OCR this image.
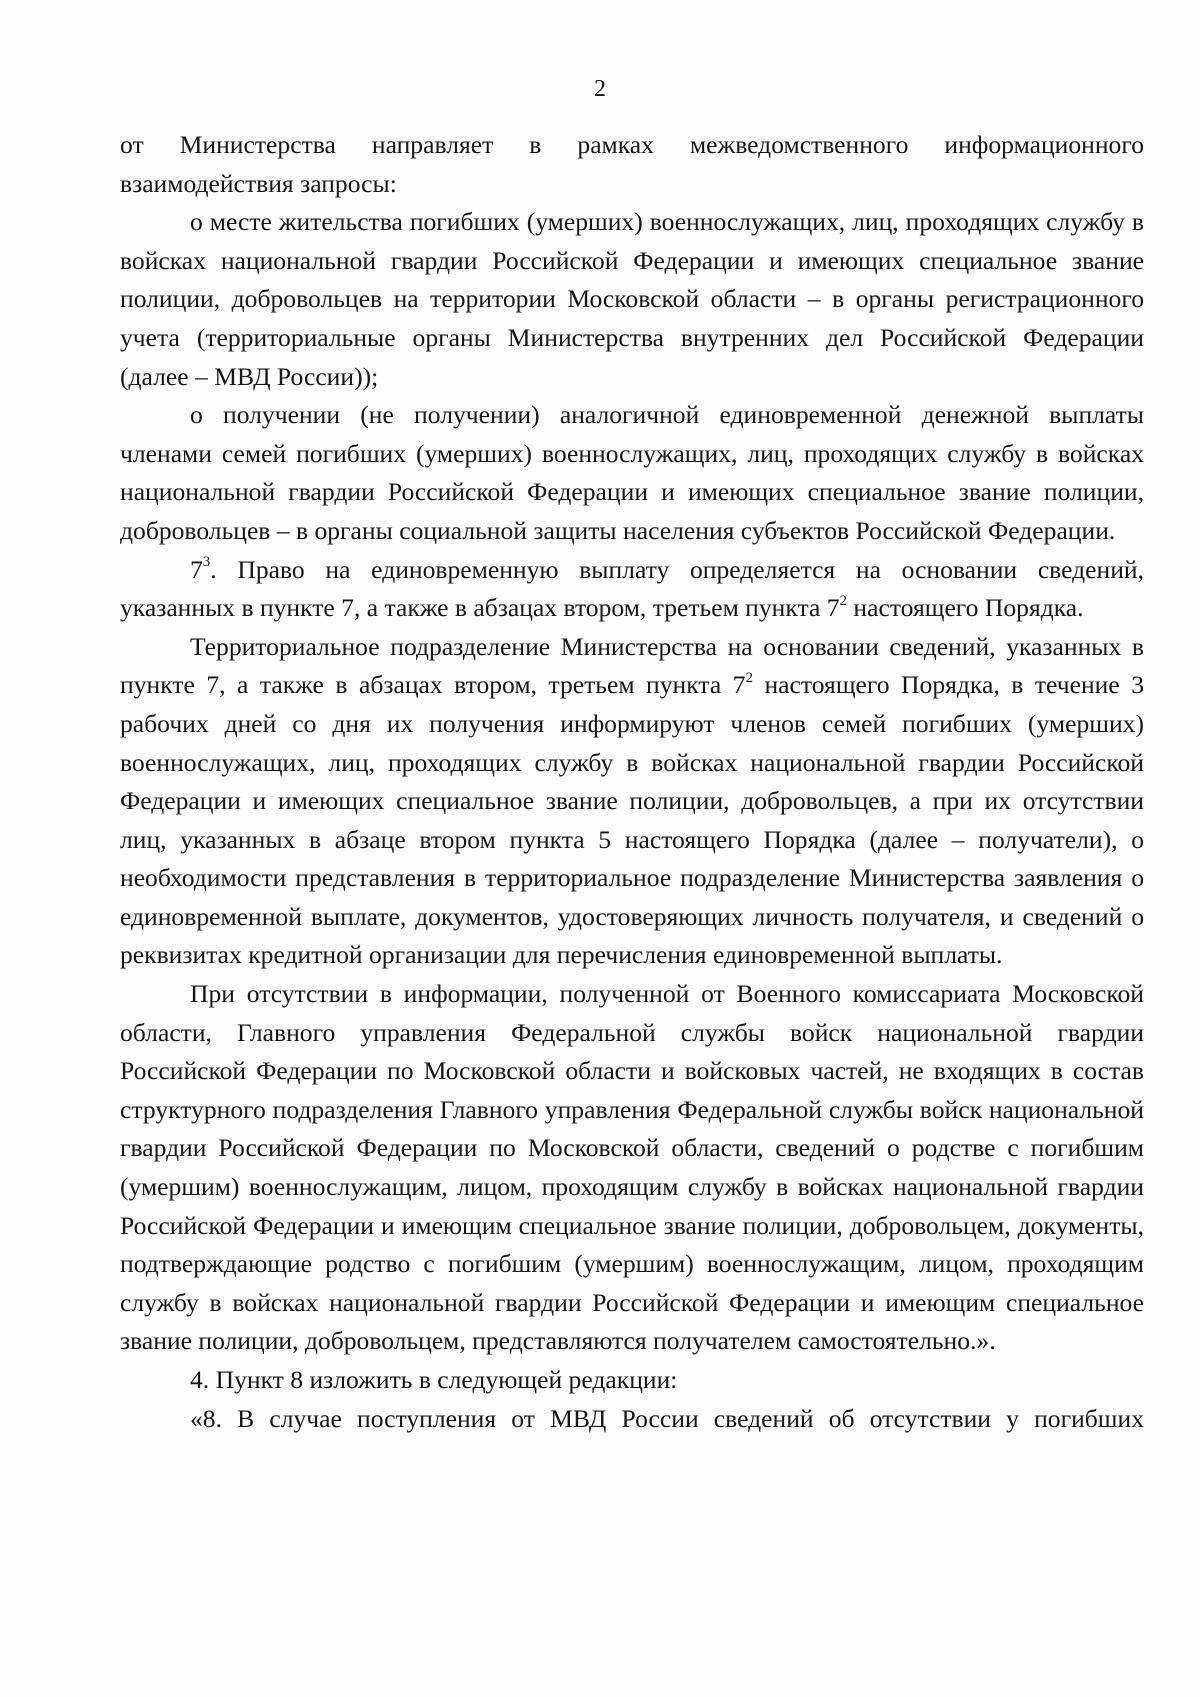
2

от Министерства направляет в рамках межведомственного информационного взаимодействия запросы:

о месте жительства погибших (умерших) военнослужащих, лиц, проходящих службу в войсках национальной гвардии Российской Федерации и имеющих специальное звание полиции, добровольцев на территории Московской области – в органы регистрационного учета (территориальные органы Министерства внутренних дел Российской Федерации (далее – МВД России));

о получении (не получении) аналогичной единовременной денежной выплаты членами семей погибших (умерших) военнослужащих, лиц, проходящих службу в войсках национальной гвардии Российской Федерации и имеющих специальное звание полиции, добровольцев – в органы социальной защиты населения субъектов Российской Федерации.

$7^3$. Право на единовременную выплату определяется на основании сведений, указанных в пункте 7, а также в абзацах втором, третьем пункта $7^2$ настоящего Порядка.

Территориальное подразделение Министерства на основании сведений, указанных в пункте 7, а также в абзацах втором, третьем пункта $7^2$ настоящего Порядка, в течение 3 рабочих дней со дня их получения информируют членов семей погибших (умерших) военнослужащих, лиц, проходящих службу в войсках национальной гвардии Российской Федерации и имеющих специальное звание полиции, добровольцев, а при их отсутствии лиц, указанных в абзаце втором пункта 5 настоящего Порядка (далее – получатели), о необходимости представления в территориальное подразделение Министерства заявления о единовременной выплате, документов, удостоверяющих личность получателя, и сведений о реквизитах кредитной организации для перечисления единовременной выплаты.

При отсутствии в информации, полученной от Военного комиссариата Московской области, Главного управления Федеральной службы войск национальной гвардии Российской Федерации по Московской области и войсковых частей, не входящих в состав структурного подразделения Главного управления Федеральной службы войск национальной гвардии Российской Федерации по Московской области, сведений о родстве с погибшим (умершим) военнослужащим, лицом, проходящим службу в войсках национальной гвардии Российской Федерации и имеющим специальное звание полиции, добровольцем, документы, подтверждающие родство с погибшим (умершим) военнослужащим, лицом, проходящим службу в войсках национальной гвардии Российской Федерации и имеющим специальное звание полиции, добровольцем, представляются получателем самостоятельно.».

4. Пункт 8 изложить в следующей редакции:

«8. В случае поступления от МВД России сведений об отсутствии у погибших
